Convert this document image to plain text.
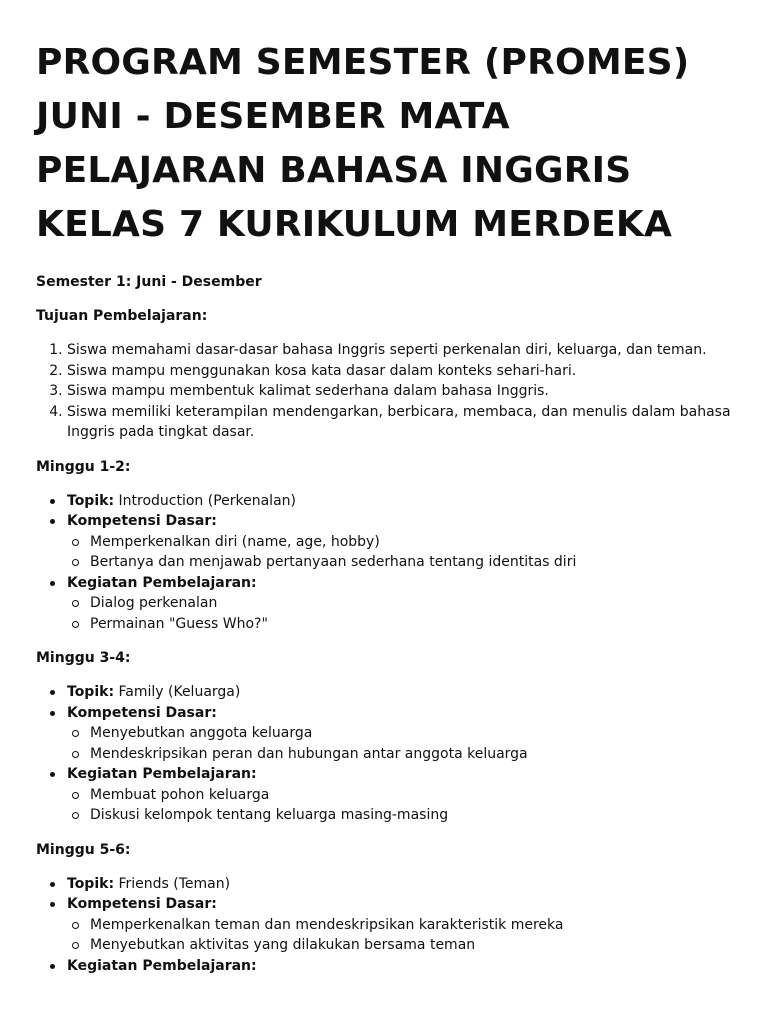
PROGRAM SEMESTER (PROMES) JUNI - DESEMBER MATA PELAJARAN BAHASA INGGRIS KELAS 7 KURIKULUM MERDEKA

Semester 1: Juni - Desember

Tujuan Pembelajaran:

1. Siswa memahami dasar-dasar bahasa Inggris seperti perkenalan diri, keluarga, dan teman.
2. Siswa mampu menggunakan kosa kata dasar dalam konteks sehari-hari.
3. Siswa mampu membentuk kalimat sederhana dalam bahasa Inggris.
4. Siswa memiliki keterampilan mendengarkan, berbicara, membaca, dan menulis dalam bahasa Inggris pada tingkat dasar.

Minggu 1-2:

Topik: Introduction (Perkenalan)
Kompetensi Dasar:
Memperkenalkan diri (name, age, hobby)
Bertanya dan menjawab pertanyaan sederhana tentang identitas diri
Kegiatan Pembelajaran:
Dialog perkenalan
Permainan "Guess Who?"

Minggu 3-4:

Topik: Family (Keluarga)
Kompetensi Dasar:
Menyebutkan anggota keluarga
Mendeskripsikan peran dan hubungan antar anggota keluarga
Kegiatan Pembelajaran:
Membuat pohon keluarga
Diskusi kelompok tentang keluarga masing-masing

Minggu 5-6:

Topik: Friends (Teman)
Kompetensi Dasar:
Memperkenalkan teman dan mendeskripsikan karakteristik mereka
Menyebutkan aktivitas yang dilakukan bersama teman
Kegiatan Pembelajaran:
